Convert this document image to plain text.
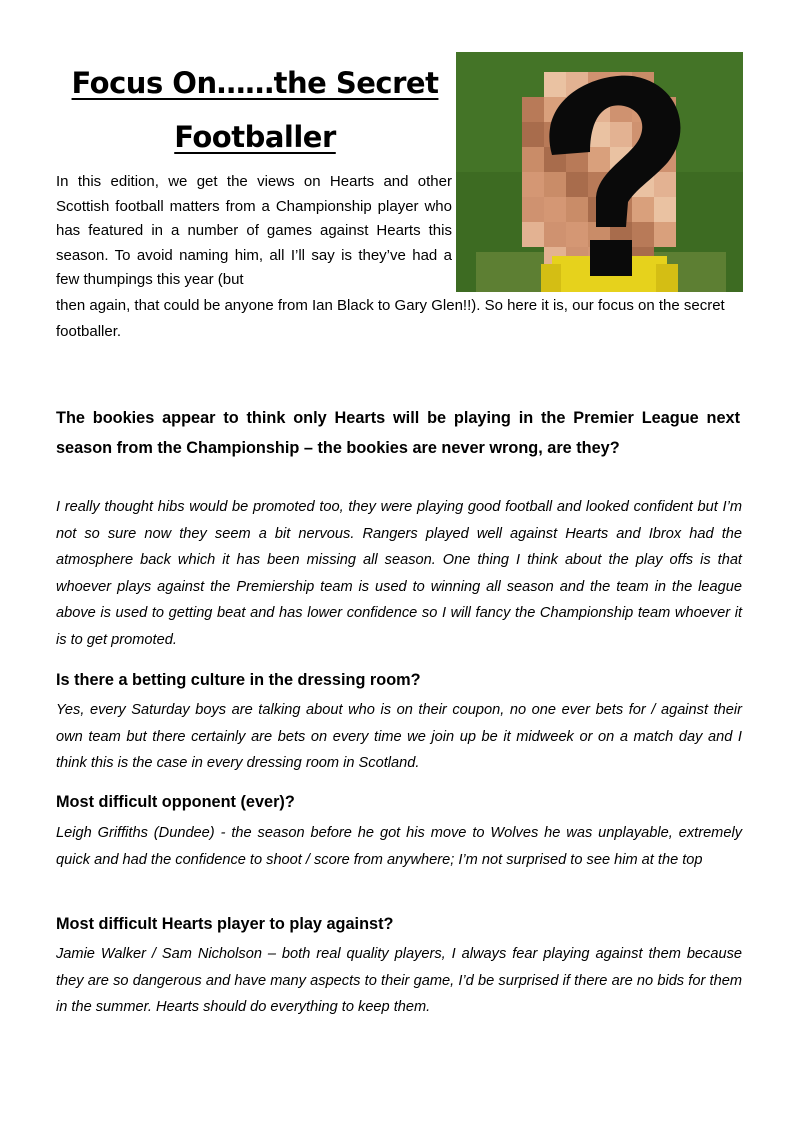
Focus On……the Secret Footballer
In this edition, we get the views on Hearts and other Scottish football matters from a Championship player who has featured in a number of games against Hearts this season. To avoid naming him, all I’ll say is they’ve had a few thumpings this year (but
then again, that could be anyone from Ian Black to Gary Glen!!). So here it is, our focus on the secret footballer.
The bookies appear to think only Hearts will be playing in the Premier League next season from the Championship – the bookies are never wrong, are they?
I really thought hibs would be promoted too, they were playing good football and looked confident but I’m not so sure now they seem a bit nervous. Rangers played well against Hearts and Ibrox had the atmosphere back which it has been missing all season. One thing I think about the play offs is that whoever plays against the Premiership team is used to winning all season and the team in the league above is used to getting beat and has lower confidence so I will fancy the Championship team whoever it is to get promoted.
Is there a betting culture in the dressing room?
Yes, every Saturday boys are talking about who is on their coupon, no one ever bets for / against their own team but there certainly are bets on every time we join up be it midweek or on a match day and I think this is the case in every dressing room in Scotland.
Most difficult opponent (ever)?
Leigh Griffiths (Dundee) - the season before he got his move to Wolves he was unplayable, extremely quick and had the confidence to shoot / score from anywhere; I’m not surprised to see him at the top
Most difficult Hearts player to play against?
Jamie Walker / Sam Nicholson – both real quality players, I always fear playing against them because they are so dangerous and have many aspects to their game, I’d be surprised if there are no bids for them in the summer. Hearts should do everything to keep them.
